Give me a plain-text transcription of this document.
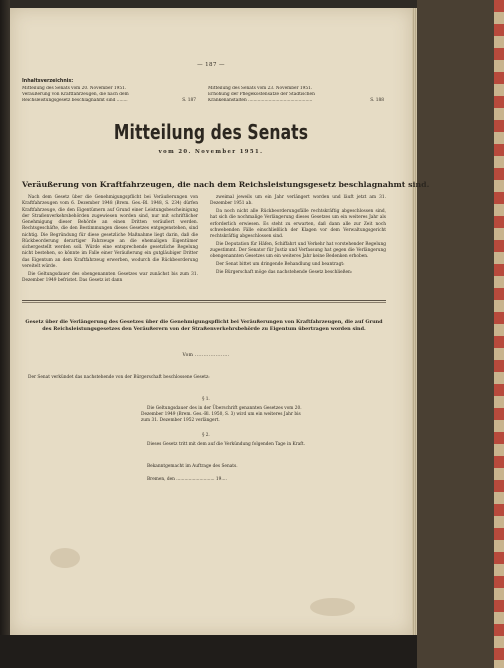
— 187 —
Inhaltsverzeichnis:
Mitteilung des Senats vom 20. November 1951.
Veräußerung von Kraftfahrzeugen, die nach dem
Reichsleistungsgesetz beschlagnahmt sind ........	S. 187
Mitteilung des Senats vom 23. November 1951.
Erhöhung der Pflegekostensätze der Städtischen
Krankenanstalten ...............................................	S. 188
Mitteilung des Senats
vom 20. November 1951.
Veräußerung von Kraftfahrzeugen, die nach dem Reichsleistungsgesetz beschlagnahmt sind.

Nach dem Gesetz über die Genehmigungspflicht bei Veräußerungen von Kraftfahrzeugen vom 6. Dezember 1948 (Brem. Ges.-Bl. 1948, S. 234) dürfen Kraftfahrzeuge, die den Eigentümern auf Grund einer Leistungsbescheinigung der Straßenverkehrsbehörden zugewiesen worden sind, nur mit schriftlicher Genehmigung dieser Behörde an einen Dritten veräußert werden. Rechtsgeschäfte, die den Bestimmungen dieses Gesetzes entgegenstehen, sind nichtig. Die Begründung für diese gesetzliche Maßnahme liegt darin, daß die Rückbeorderung derartiger Fahrzeuge an die ehemaligen Eigentümer sichergestellt werden soll. Würde eine entsprechende gesetzliche Regelung nicht bestehen, so könnte im Falle einer Veräußerung ein gutgläubiger Dritter das Eigentum an dem Kraftfahrzeug erwerben, wodurch die Rückbeorderung vereitelt würde.

Die Geltungsdauer des obengenannten Gesetzes war zunächst bis zum 31. Dezember 1949 befristet. Das Gesetz ist dann

zweimal jeweils um ein Jahr verlängert worden und läuft jetzt am 31. Dezember 1951 ab.

Da noch nicht alle Rückbeorderungsfälle rechtskräftig abgeschlossen sind, hat sich die nochmalige Verlängerung dieses Gesetzes um ein weiteres Jahr als erforderlich erwiesen. Es steht zu erwarten, daß dann alle zur Zeit noch schwebenden Fälle einschließlich der Klagen vor dem Verwaltungsgericht rechtskräftig abgeschlossen sind.

Die Deputation für Häfen, Schiffahrt und Verkehr hat vorstehender Regelung zugestimmt. Der Senator für Justiz und Verfassung hat gegen die Verlängerung obengenannten Gesetzes um ein weiteres Jahr keine Bedenken erhoben.

Der Senat bittet um dringende Behandlung und beantragt:

Die Bürgerschaft möge das nachstehende Gesetz beschließen:

Gesetz über die Verlängerung des Gesetzes über die Genehmigungspflicht bei Veräußerungen von Kraftfahrzeugen, die auf Grund des Reichsleistungsgesetzes den Veräußerern von der Straßenverkehrsbehörde zu Eigentum übertragen worden sind.
Vom ....................
Der Senat verkündet das nachstehende von der Bürgerschaft beschlossene Gesetz:
§ 1.
Die Geltungsdauer des in der Überschrift genannten Gesetzes vom 20. Dezember 1949 (Brem. Ges.-Bl. 1950, S. 3) wird um ein weiteres Jahr bis zum 31. Dezember 1952 verlängert.
§ 2.
Dieses Gesetz tritt mit dem auf die Verkündung folgenden Tage in Kraft.
Bekanntgemacht im Auftrage des Senats.
Bremen, den ............................ 19....
